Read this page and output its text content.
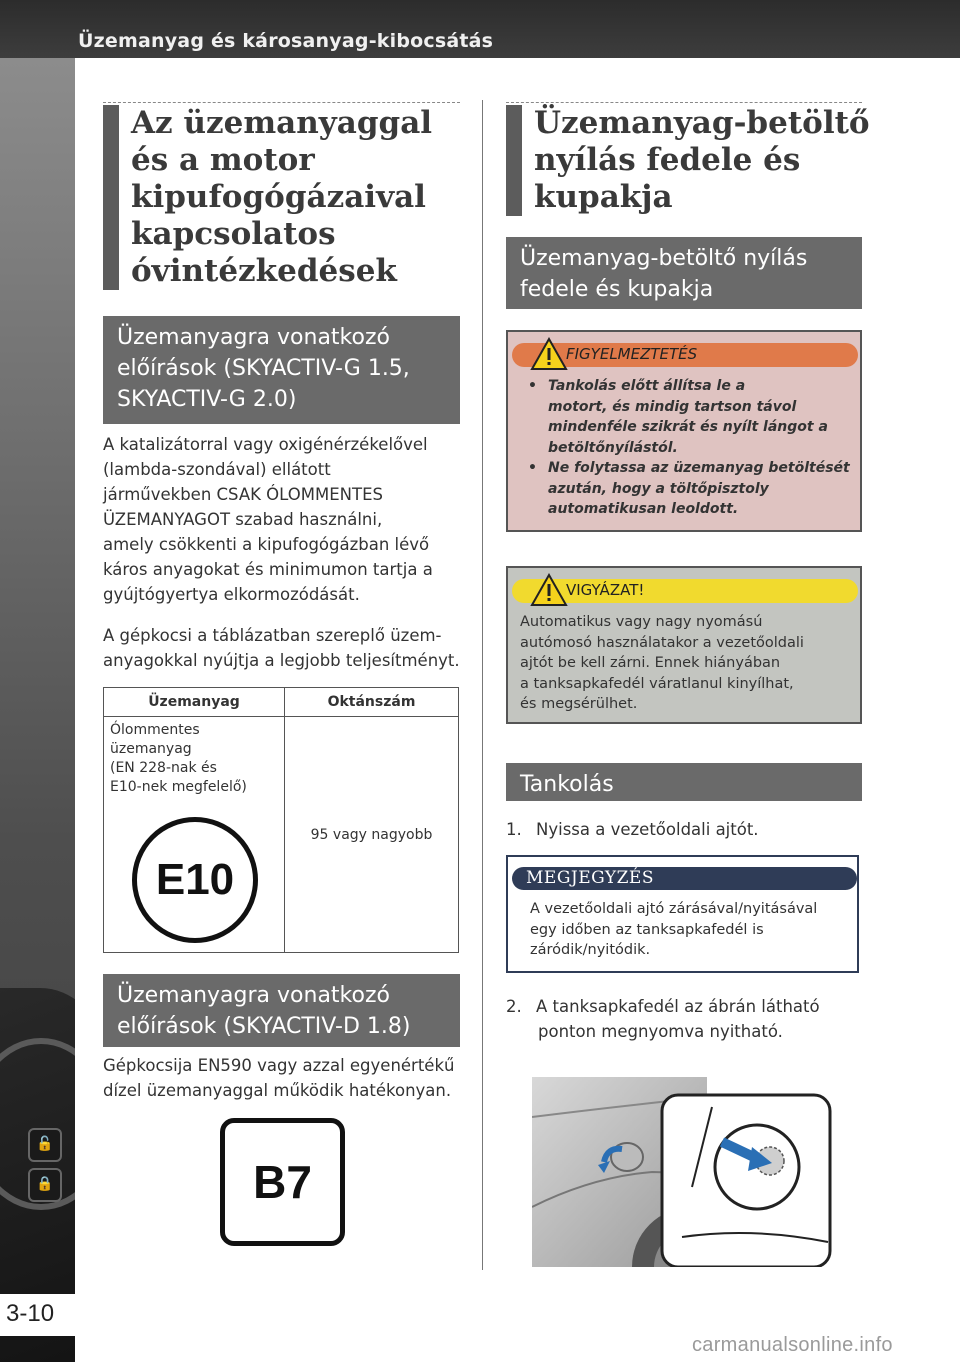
Üzemanyag és károsanyag-kibocsátás
🔓
🔒
3-10
Az üzemanyaggal
és a motor
kipufogógázaival
kapcsolatos
óvintézkedések
Üzemanyagra vonatkozó
előírások (SKYACTIV-G 1.5,
SKYACTIV-G 2.0)
A katalizátorral vagy oxigénérzékelővel
(lambda-szondával) ellátott
járművekben CSAK ÓLOMMENTES
ÜZEMANYAGOT szabad használni,
amely csökkenti a kipufogógázban lévő
káros anyagokat és minimumon tartja a
gyújtógyertya elkormozódását.
A gépkocsi a táblázatban szereplő üzem-
anyagokkal nyújtja a legjobb teljesítményt.
Üzemanyag	Oktánszám

Ólommentes
üzemanyag
(EN 228-nak és
E10-nek megfelelő)
E10	95 vagy nagyobb
Üzemanyagra vonatkozó
előírások (SKYACTIV-D 1.8)
Gépkocsija EN590 vagy azzal egyenértékű
dízel üzemanyaggal működik hatékonyan.
B7
Üzemanyag-betöltő
nyílás fedele és
kupakja
Üzemanyag-betöltő nyílás
fedele és kupakja
FIGYELMEZTETÉS
• Tankolás előtt állítsa le a
motort, és mindig tartson távol
mindenféle szikrát és nyílt lángot a
betöltőnyílástól.
• Ne folytassa az üzemanyag betöltését
azután, hogy a töltőpisztoly
automatikusan leoldott.
VIGYÁZAT!
Automatikus vagy nagy nyomású
autómosó használatakor a vezetőoldali
ajtót be kell zárni. Ennek hiányában
a tanksapkafedél váratlanul kinyílhat,
és megsérülhet.
Tankolás
1. Nyissa a vezetőoldali ajtót.
MEGJEGYZÉS
A vezetőoldali ajtó zárásával/nyitásával
egy időben az tanksapkafedél is
záródik/nyitódik.
2. A tanksapkafedél az ábrán látható
ponton megnyomva nyitható.
carmanualsonline.info
